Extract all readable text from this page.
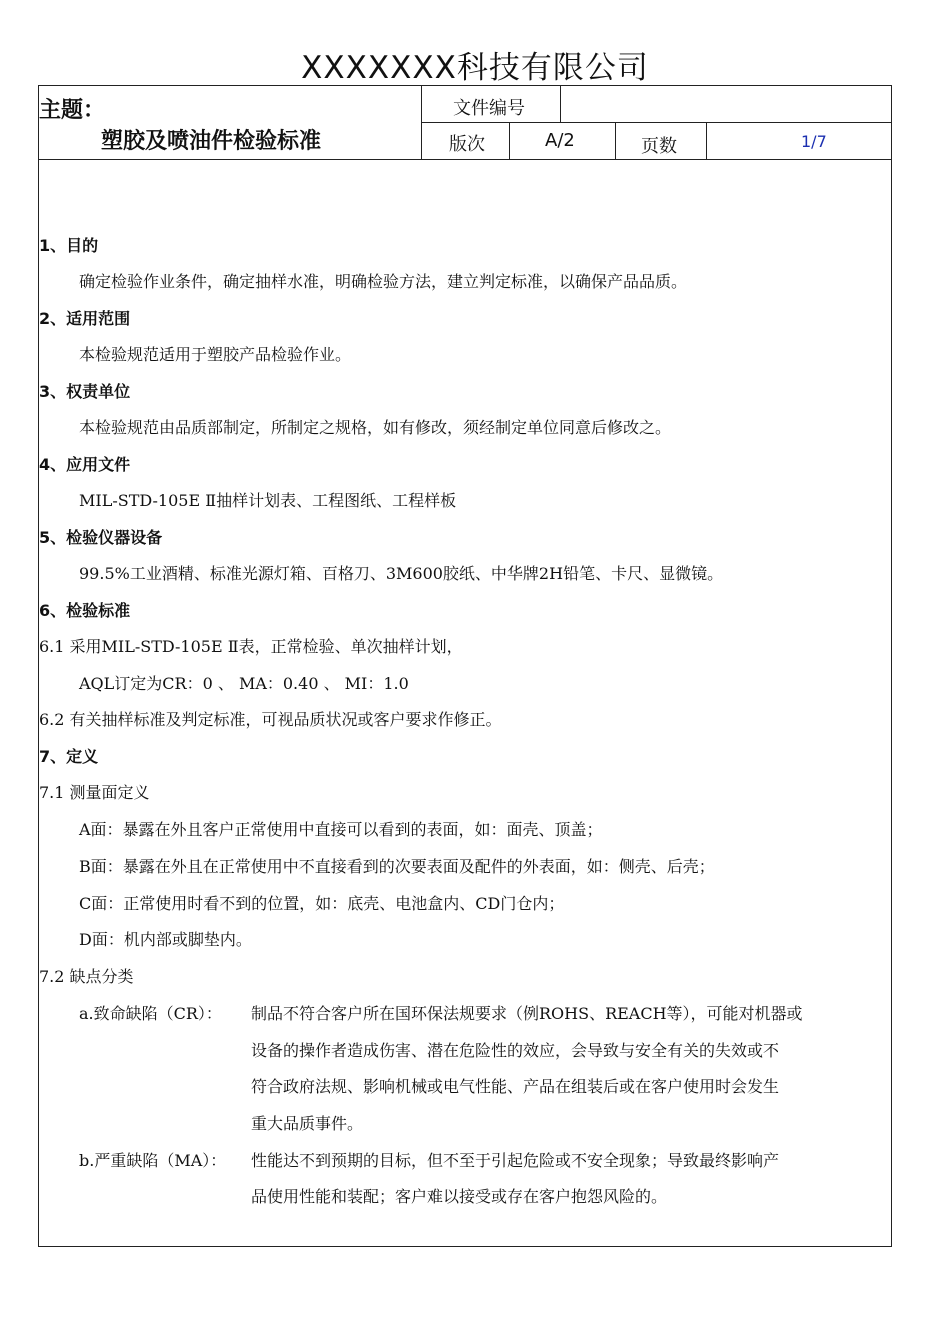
XXXXXXX科技有限公司
主题：
塑胶及喷油件检验标准
文件编号
版次	A/2	页数	1/7
1、目的
确定检验作业条件，确定抽样水准，明确检验方法，建立判定标准，以确保产品品质。
2、适用范围
本检验规范适用于塑胶产品检验作业。
3、权责单位
本检验规范由品质部制定，所制定之规格，如有修改，须经制定单位同意后修改之。
4、应用文件
MIL-STD-105E Ⅱ抽样计划表、工程图纸、工程样板
5、检验仪器设备
99.5%工业酒精、标准光源灯箱、百格刀、3M600胶纸、中华牌2H铅笔、卡尺、显微镜。
6、检验标准
6.1 采用MIL-STD-105E Ⅱ表，正常检验、单次抽样计划，
AQL订定为CR：0 、 MA：0.40 、 MI：1.0
6.2 有关抽样标准及判定标准，可视品质状况或客户要求作修正。
7、定义
7.1 测量面定义
A面：暴露在外且客户正常使用中直接可以看到的表面，如：面壳、顶盖；
B面：暴露在外且在正常使用中不直接看到的次要表面及配件的外表面，如：侧壳、后壳；
C面：正常使用时看不到的位置，如：底壳、电池盒内、CD门仓内；
D面：机内部或脚垫内。
7.2 缺点分类
a.致命缺陷（CR）： 制品不符合客户所在国环保法规要求（例ROHS、REACH等），可能对机器或
设备的操作者造成伤害、潜在危险性的效应，会导致与安全有关的失效或不
符合政府法规、影响机械或电气性能、产品在组装后或在客户使用时会发生
重大品质事件。
b.严重缺陷（MA）： 性能达不到预期的目标，但不至于引起危险或不安全现象；导致最终影响产
品使用性能和装配；客户难以接受或存在客户抱怨风险的。
